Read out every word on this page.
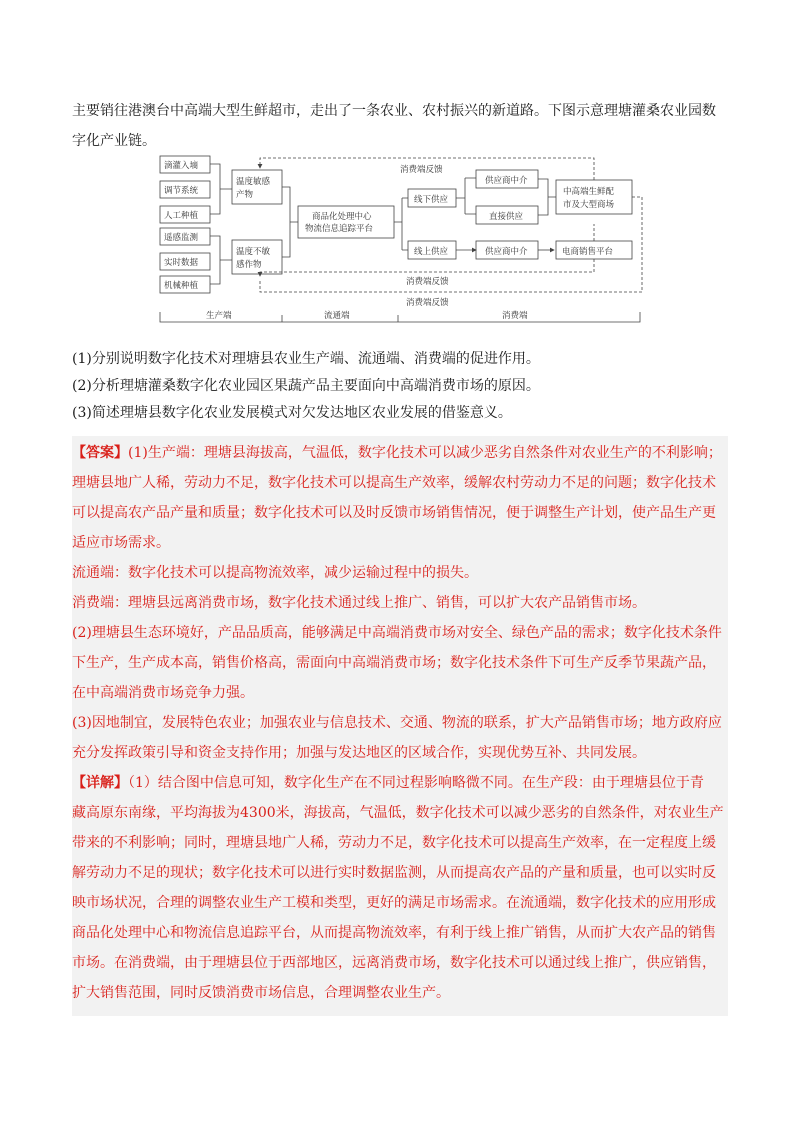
主要销往港澳台中高端大型生鲜超市，走出了一条农业、农村振兴的新道路。下图示意理塘灌桑农业园数
字化产业链。
滴灌入墒
调节系统
人工种植
遥感监测
实时数据
机械种植
温度敏感
产物
温度不敏
感作物
商品化处理中心
物流信息追踪平台
线下供应
线上供应
供应商中介
直接供应
供应商中介	电商销售平台
中高端生鲜配
市及大型商场
消费端反馈
消费端反馈
消费端反馈
生产端	流通端	消费端

(1)分别说明数字化技术对理塘县农业生产端、流通端、消费端的促进作用。

(2)分析理塘灌桑数字化农业园区果蔬产品主要面向中高端消费市场的原因。

(3)简述理塘县数字化农业发展模式对欠发达地区农业发展的借鉴意义。

【答案】(1)生产端：理塘县海拔高，气温低，数字化技术可以减少恶劣自然条件对农业生产的不利影响；

理塘县地广人稀，劳动力不足，数字化技术可以提高生产效率，缓解农村劳动力不足的问题；数字化技术

可以提高农产品产量和质量；数字化技术可以及时反馈市场销售情况，便于调整生产计划，使产品生产更

适应市场需求。

流通端：数字化技术可以提高物流效率，减少运输过程中的损失。

消费端：理塘县远离消费市场，数字化技术通过线上推广、销售，可以扩大农产品销售市场。

(2)理塘县生态环境好，产品品质高，能够满足中高端消费市场对安全、绿色产品的需求；数字化技术条件

下生产，生产成本高，销售价格高，需面向中高端消费市场；数字化技术条件下可生产反季节果蔬产品，

在中高端消费市场竞争力强。

(3)因地制宜，发展特色农业；加强农业与信息技术、交通、物流的联系，扩大产品销售市场；地方政府应

充分发挥政策引导和资金支持作用；加强与发达地区的区域合作，实现优势互补、共同发展。

【详解】（1）结合图中信息可知，数字化生产在不同过程影响略微不同。在生产段：由于理塘县位于青

藏高原东南缘，平均海拔为4300米，海拔高，气温低，数字化技术可以减少恶劣的自然条件，对农业生产

带来的不利影响；同时，理塘县地广人稀，劳动力不足，数字化技术可以提高生产效率，在一定程度上缓

解劳动力不足的现状；数字化技术可以进行实时数据监测，从而提高农产品的产量和质量，也可以实时反

映市场状况，合理的调整农业生产工模和类型，更好的满足市场需求。在流通端，数字化技术的应用形成

商品化处理中心和物流信息追踪平台，从而提高物流效率，有利于线上推广销售，从而扩大农产品的销售

市场。在消费端，由于理塘县位于西部地区，远离消费市场，数字化技术可以通过线上推广，供应销售，

扩大销售范围，同时反馈消费市场信息，合理调整农业生产。
